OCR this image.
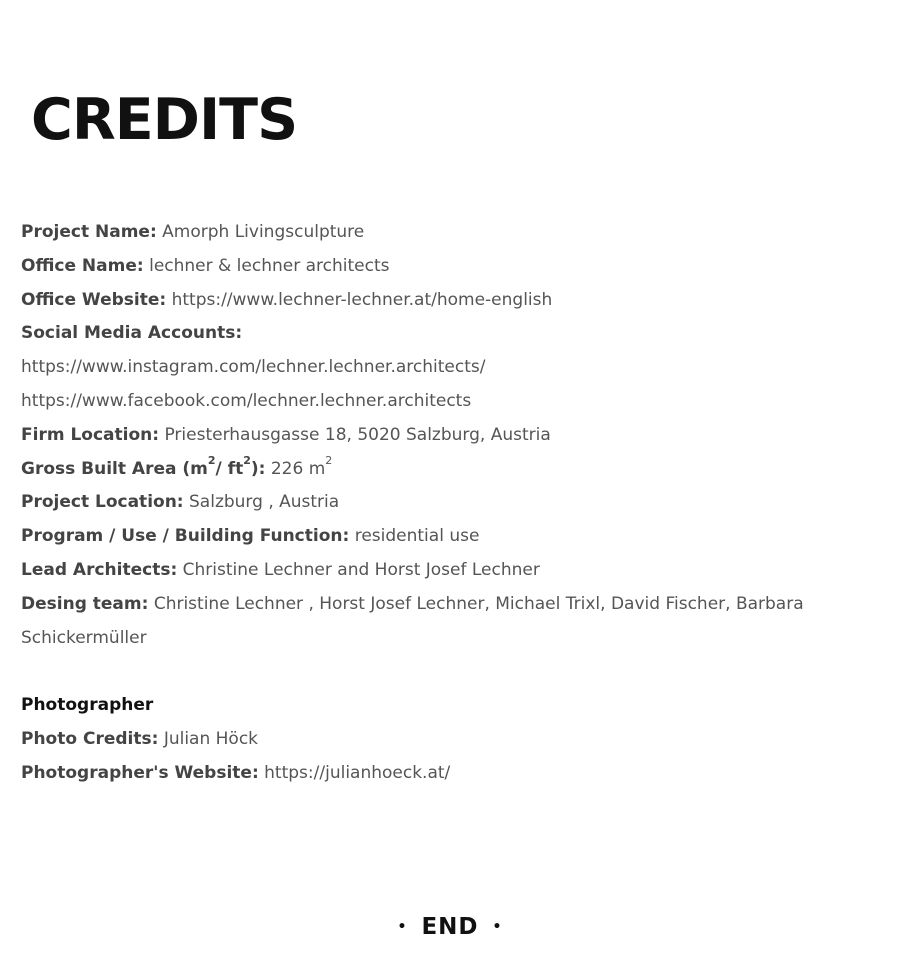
CREDITS

Project Name: Amorph Livingsculpture

Office Name: lechner & lechner architects

Office Website: https://www.lechner-lechner.at/home-english

Social Media Accounts:

https://www.instagram.com/lechner.lechner.architects/

https://www.facebook.com/lechner.lechner.architects

Firm Location: Priesterhausgasse 18, 5020 Salzburg, Austria

Gross Built Area ($m^2/$ $ft^2$): 226 $m^2$

Project Location: Salzburg , Austria

Program / Use / Building Function: residential use

Lead Architects: Christine Lechner and Horst Josef Lechner

Desing team: Christine Lechner , Horst Josef Lechner, Michael Trixl, David Fischer, Barbara Schickermüller

Photographer

Photo Credits: Julian Höck

Photographer's Website: https://julianhoeck.at/

• END •
